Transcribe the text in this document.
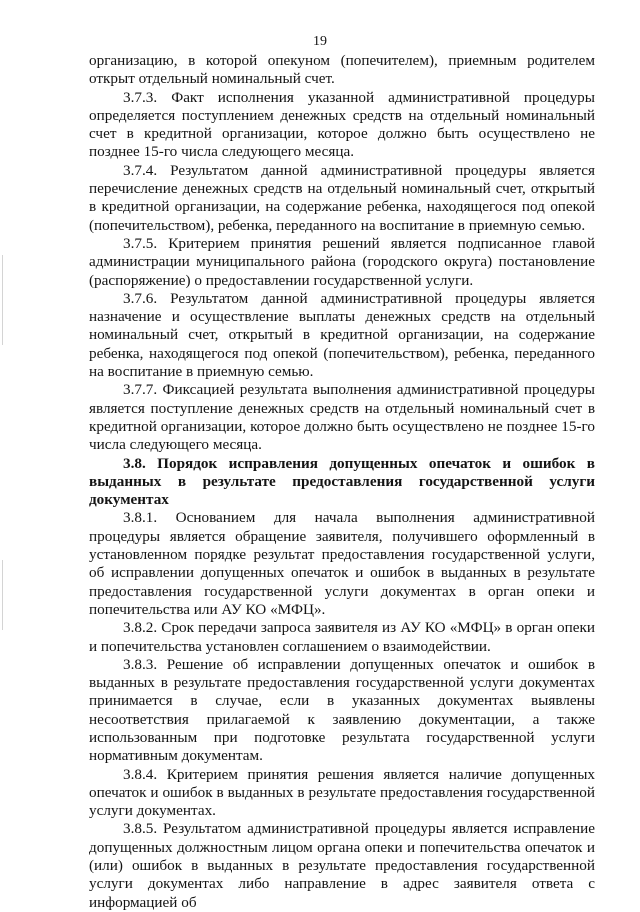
19

организацию, в которой опекуном (попечителем), приемным родителем открыт отдельный номинальный счет.

3.7.3. Факт исполнения указанной административной процедуры определяется поступлением денежных средств на отдельный номинальный счет в кредитной организации, которое должно быть осуществлено не позднее 15-го числа следующего месяца.

3.7.4. Результатом данной административной процедуры является перечисление денежных средств на отдельный номинальный счет, открытый в кредитной организации, на содержание ребенка, находящегося под опекой (попечительством), ребенка, переданного на воспитание в приемную семью.

3.7.5. Критерием принятия решений является подписанное главой администрации муниципального района (городского округа) постановление (распоряжение) о предоставлении государственной услуги.

3.7.6. Результатом данной административной процедуры является назначение и осуществление выплаты денежных средств на отдельный номинальный счет, открытый в кредитной организации, на содержание ребенка, находящегося под опекой (попечительством), ребенка, переданного на воспитание в приемную семью.

3.7.7. Фиксацией результата выполнения административной процедуры является поступление денежных средств на отдельный номинальный счет в кредитной организации, которое должно быть осуществлено не позднее 15-го числа следующего месяца.

3.8. Порядок исправления допущенных опечаток и ошибок в выданных в результате предоставления государственной услуги документах

3.8.1. Основанием для начала выполнения административной процедуры является обращение заявителя, получившего оформленный в установленном порядке результат предоставления государственной услуги, об исправлении допущенных опечаток и ошибок в выданных в результате предоставления государственной услуги документах в орган опеки и попечительства или АУ КО «МФЦ».

3.8.2. Срок передачи запроса заявителя из АУ КО «МФЦ» в орган опеки и попечительства установлен соглашением о взаимодействии.

3.8.3. Решение об исправлении допущенных опечаток и ошибок в выданных в результате предоставления государственной услуги документах принимается в случае, если в указанных документах выявлены несоответствия прилагаемой к заявлению документации, а также использованным при подготовке результата государственной услуги нормативным документам.

3.8.4. Критерием принятия решения является наличие допущенных опечаток и ошибок в выданных в результате предоставления государственной услуги документах.

3.8.5. Результатом административной процедуры является исправление допущенных должностным лицом органа опеки и попечительства опечаток и (или) ошибок в выданных в результате предоставления государственной услуги документах либо направление в адрес заявителя ответа с информацией об
